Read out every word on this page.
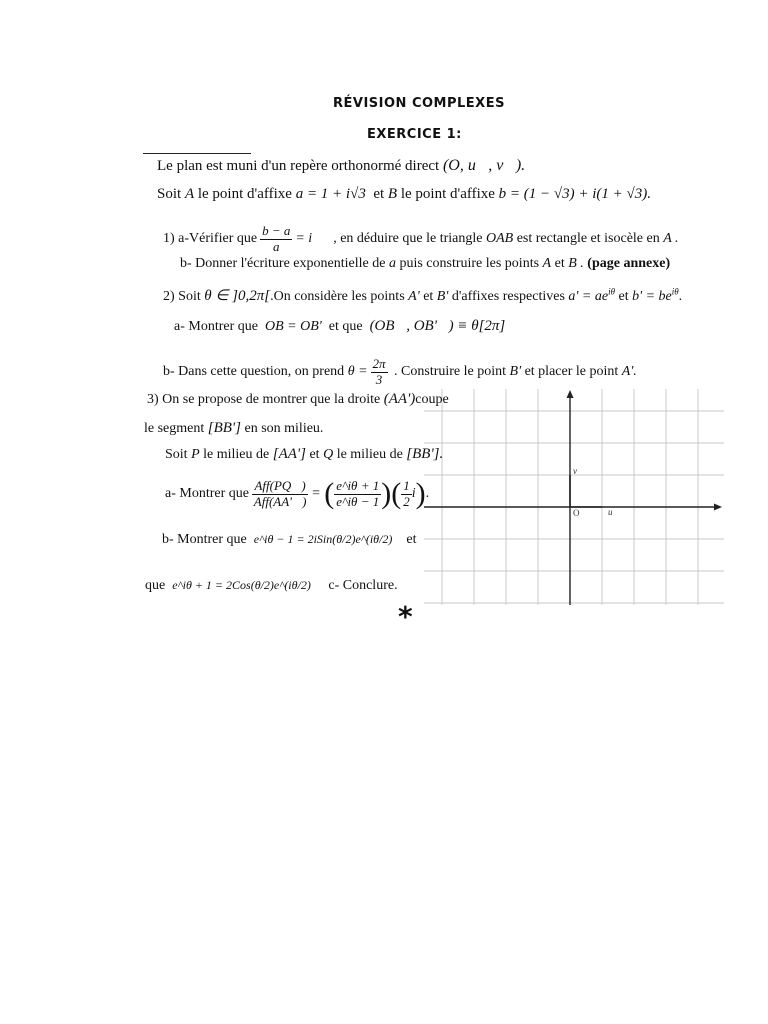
RÉVISION COMPLEXES
EXERCICE 1:
Le plan est muni d'un repère orthonormé direct (O, u⃗, v⃗).
Soit A le point d'affixe a = 1 + i√3 et B le point d'affixe b = (1 − √3) + i(1 + √3).
1)
a-Vérifier que $\frac{b - a}{a} = i$
, en déduire que le triangle
OAB
est rectangle et isocèle en
A .
b- Donner l'écriture exponentielle de a puis construire les points A et B . (page annexe)
2) Soit θ ∈ ]0,2π[.On considère les points A' et B' d'affixes respectives $a' = ae^{i\theta}$ et $b' = be^{i\theta}$.
a- Montrer que OB = OB' et que (OB⃗, OB'⃗) ≡ θ[2π]
b- Dans cette question, on prend
$\theta = \frac{2\pi}{3}$
. Construire le point
B'
et placer le point
A'.
O	u⃗
v⃗
3) On se propose de montrer que la droite (AA')coupe
le segment [BB'] en son milieu.
Soit P le milieu de [AA'] et Q le milieu de [BB'].
a- Montrer que
$\frac{\text{Aff(PQ⃗)}}{\text{Aff(AA'⃗)}}$
=
( $\frac{e\^{}i\theta + 1}{e\^{}i\theta - 1}$ ) ( $\frac{1}{2}$ i ) .
b- Montrer que e^iθ − 1 = 2iSin(θ/2)e^(iθ/2) et
que e^iθ + 1 = 2Cos(θ/2)e^(iθ/2) c- Conclure.
*
